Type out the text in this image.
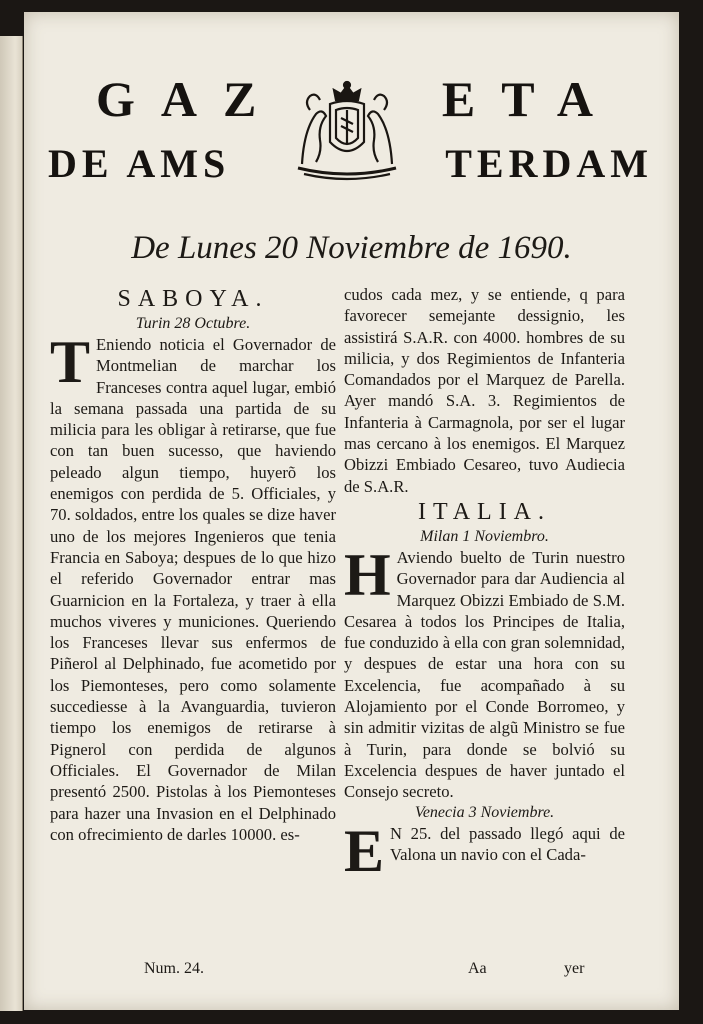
GAZ	ETA
DE AMS	TERDAM
De Lunes 20 Noviembre de 1690.
SABOYA.
Turin 28 Octubre.

T Eniendo noticia el Governador de Montmelian de marchar los Franceses contra aquel lugar, embió la semana passada una partida de su milicia para les obligar à retirarse, que fue con tan buen sucesso, que haviendo peleado algun tiempo, huyerõ los enemigos con perdida de 5. Officiales, y 70. soldados, entre los quales se dize haver uno de los mejores Ingenieros que tenia Francia en Saboya; despues de lo que hizo el referido Governador entrar mas Guarnicion en la Fortaleza, y traer à ella muchos viveres y municiones. Queriendo los Franceses llevar sus enfermos de Piñerol al Delphinado, fue acometido por los Piemonteses, pero como solamente succediesse à la Avanguardia, tuvieron tiempo los enemigos de retirarse à Pignerol con perdida de algunos Officiales. El Governador de Milan presentó 2500. Pistolas à los Piemonteses para hazer una Invasion en el Delphinado con ofrecimiento de darles 10000. es-

cudos cada mez, y se entiende, q para favorecer semejante dessignio, les assistirá S.A.R. con 4000. hombres de su milicia, y dos Regimientos de Infanteria Comandados por el Marquez de Parella. Ayer mandó S.A. 3. Regimientos de Infanteria à Carmagnola, por ser el lugar mas cercano à los enemigos. El Marquez Obizzi Embiado Cesareo, tuvo Audiecia de S.A.R.

ITALIA.
Milan 1 Noviembro.

H Aviendo buelto de Turin nuestro Governador para dar Audiencia al Marquez Obizzi Embiado de S.M. Cesarea à todos los Principes de Italia, fue conduzido à ella con gran solemnidad, y despues de estar una hora con su Excelencia, fue acompañado à su Alojamiento por el Conde Borromeo, y sin admitir vizitas de algũ Ministro se fue à Turin, para donde se bolvió su Excelencia despues de haver juntado el Consejo secreto.

Venecia 3 Noviembre.

E N 25. del passado llegó aqui de Valona un navio con el Cada-

Num. 24.	Aa	yer
